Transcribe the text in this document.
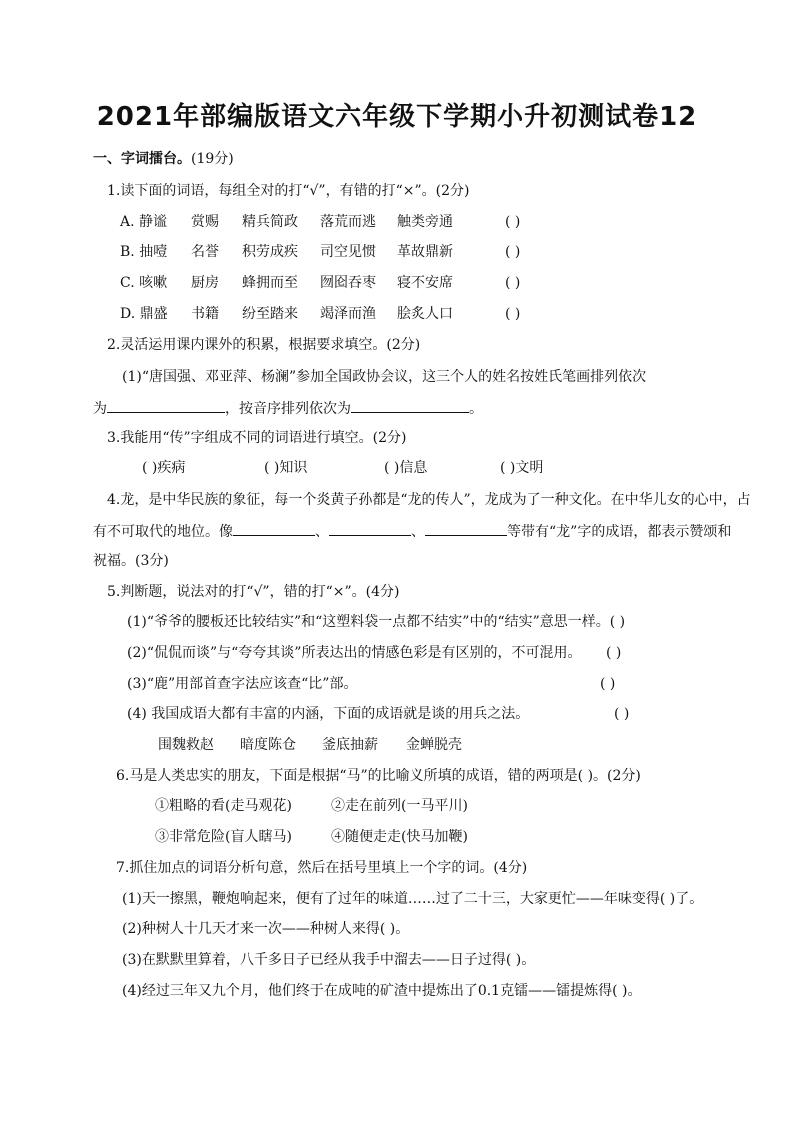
2021年部编版语文六年级下学期小升初测试卷12
一、字词擂台。(19分)
1.读下面的词语，每组全对的打“√”，有错的打“×”。(2分)
A. 静谧 赏赐 精兵简政 落荒而逃 触类旁通	( )
B. 抽噎 名誉 积劳成疾 司空见惯 革故鼎新	( )
C. 咳嗽 厨房 蜂拥而至 囫囵吞枣 寝不安席	( )
D. 鼎盛 书籍 纷至踏来 竭泽而渔 脍炙人口	( )
2.灵活运用课内课外的积累，根据要求填空。(2分)
(1)“唐国强、邓亚萍、杨澜”参加全国政协会议，这三个人的姓名按姓氏笔画排列依次
为	，按音序排列依次为	。
3.我能用“传”字组成不同的词语进行填空。(2分)
( )疾病	( )知识	( )信息	( )文明
4.龙，是中华民族的象征，每一个炎黄子孙都是“龙的传人”，龙成为了一种文化。在中华儿女的心中，占
有不可取代的地位。像	、	、	等带有“龙”字的成语，都表示赞颂和
祝福。(3分)
5.判断题，说法对的打“√”，错的打“×”。(4分)
(1)“爷爷的腰板还比较结实”和“这塑料袋一点都不结实”中的“结实”意思一样。( )
(2)“侃侃而谈”与“夸夸其谈”所表达出的情感色彩是有区别的，不可混用。 ( )
(3)“鹿”用部首查字法应该查“比”部。	( )
(4) 我国成语大都有丰富的内涵，下面的成语就是谈的用兵之法。	( )
围魏救赵 暗度陈仓 釜底抽薪 金蝉脱壳
6.马是人类忠实的朋友，下面是根据“马”的比喻义所填的成语，错的两项是( )。(2分)
①粗略的看(走马观花)	②走在前列(一马平川)
③非常危险(盲人瞎马)	④随便走走(快马加鞭)
7.抓住加点的词语分析句意，然后在括号里填上一个字的词。(4分)
(1)天一擦黑，鞭炮响起来，便有了过年的味道……过了二十三，大家更忙——年味变得( )了。
(2)种树人十几天才来一次——种树人来得( )。
(3)在默默里算着，八千多日子已经从我手中溜去——日子过得( )。
(4)经过三年又九个月，他们终于在成吨的矿渣中提炼出了0.1克镭——镭提炼得( )。
